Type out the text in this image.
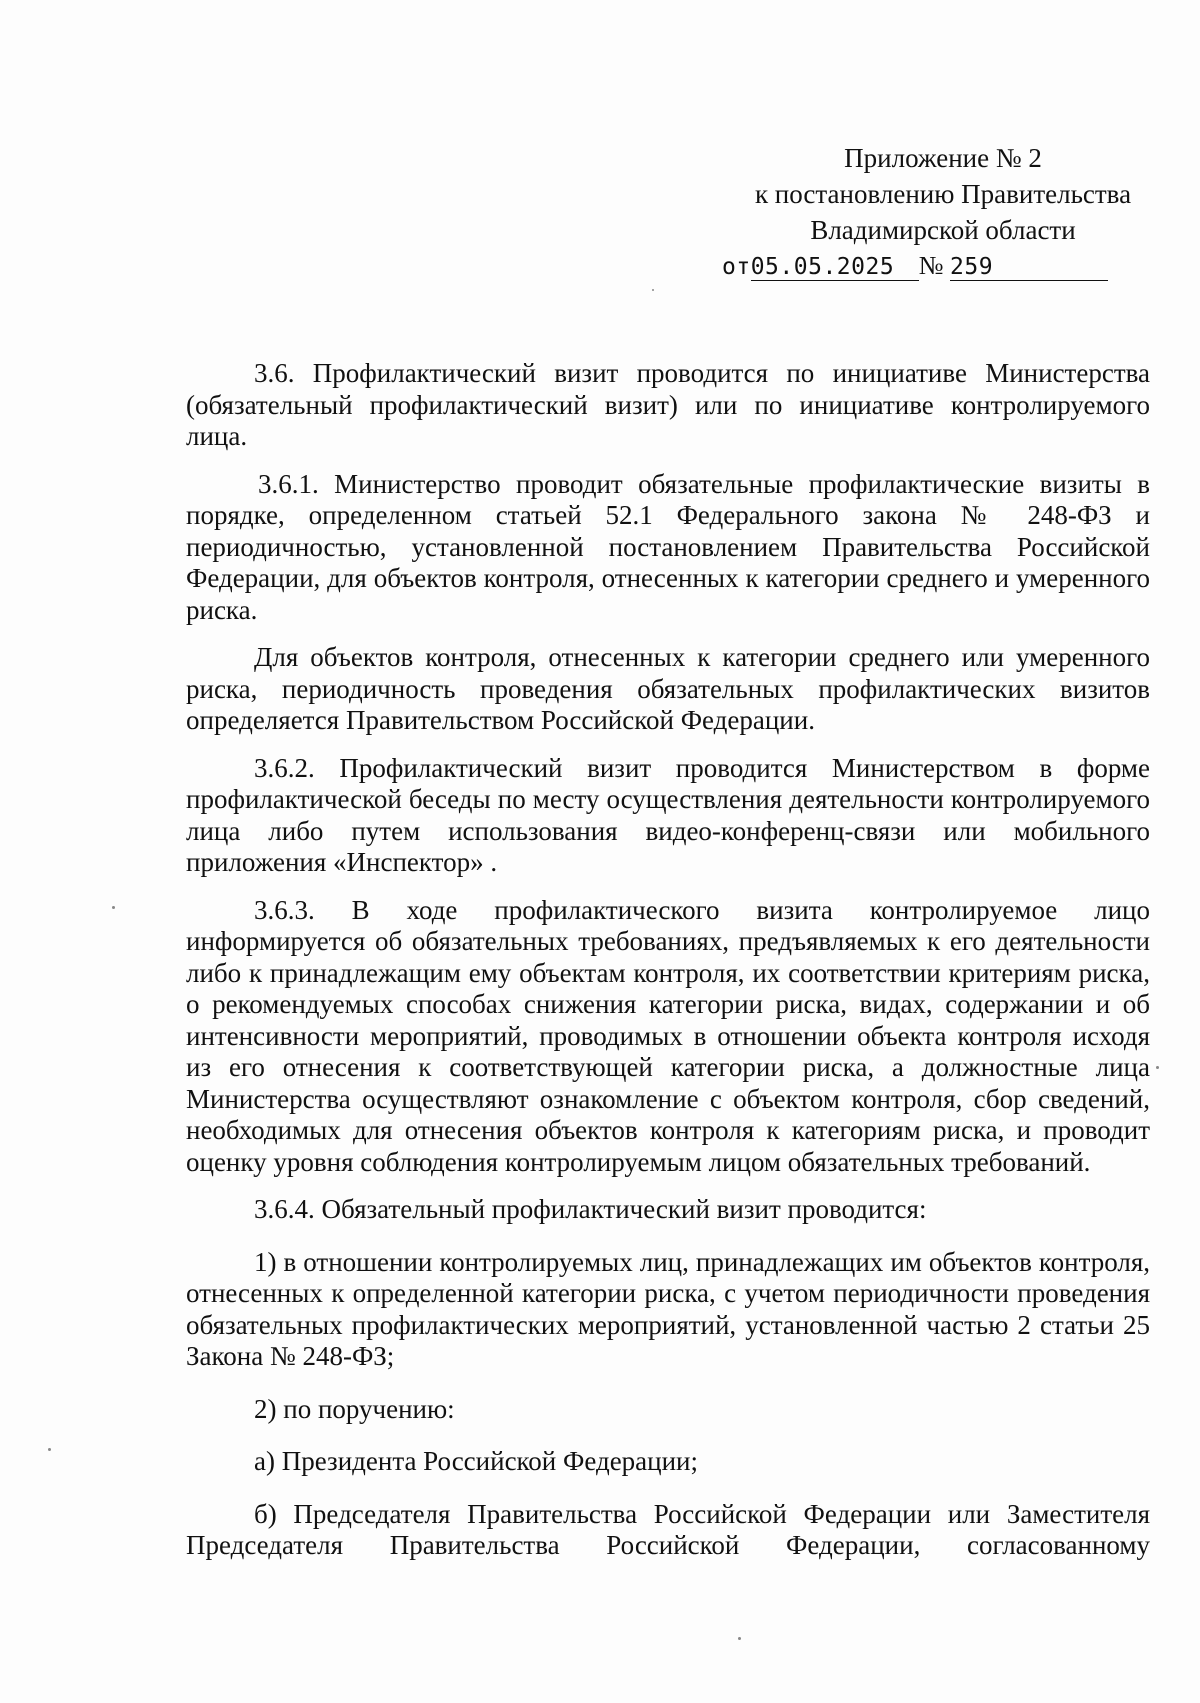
Приложение № 2
к постановлению Правительства
Владимирской области
от05.05.2025 № 259

3.6. Профилактический визит проводится по инициативе Министерства (обязательный профилактический визит) или по инициативе контролируемого лица.

3.6.1. Министерство проводит обязательные профилактические визиты в порядке, определенном статьей 52.1 Федерального закона № 248-ФЗ и периодичностью, установленной постановлением Правительства Российской Федерации, для объектов контроля, отнесенных к категории среднего и умеренного риска.

Для объектов контроля, отнесенных к категории среднего или умеренного риска, периодичность проведения обязательных профилактических визитов определяется Правительством Российской Федерации.

3.6.2. Профилактический визит проводится Министерством в форме профилактической беседы по месту осуществления деятельности контролируемого лица либо путем использования видео-конференц-связи или мобильного приложения «Инспектор» .

3.6.3. В ходе профилактического визита контролируемое лицо информируется об обязательных требованиях, предъявляемых к его деятельности либо к принадлежащим ему объектам контроля, их соответствии критериям риска, о рекомендуемых способах снижения категории риска, видах, содержании и об интенсивности мероприятий, проводимых в отношении объекта контроля исходя из его отнесения к соответствующей категории риска, а должностные лица Министерства осуществляют ознакомление с объектом контроля, сбор сведений, необходимых для отнесения объектов контроля к категориям риска, и проводит оценку уровня соблюдения контролируемым лицом обязательных требований.

3.6.4. Обязательный профилактический визит проводится:

1) в отношении контролируемых лиц, принадлежащих им объектов контроля, отнесенных к определенной категории риска, с учетом периодичности проведения обязательных профилактических мероприятий, установленной частью 2 статьи 25 Закона № 248-ФЗ;

2) по поручению:

а) Президента Российской Федерации;

б) Председателя Правительства Российской Федерации или Заместителя Председателя Правительства Российской Федерации, согласованному
